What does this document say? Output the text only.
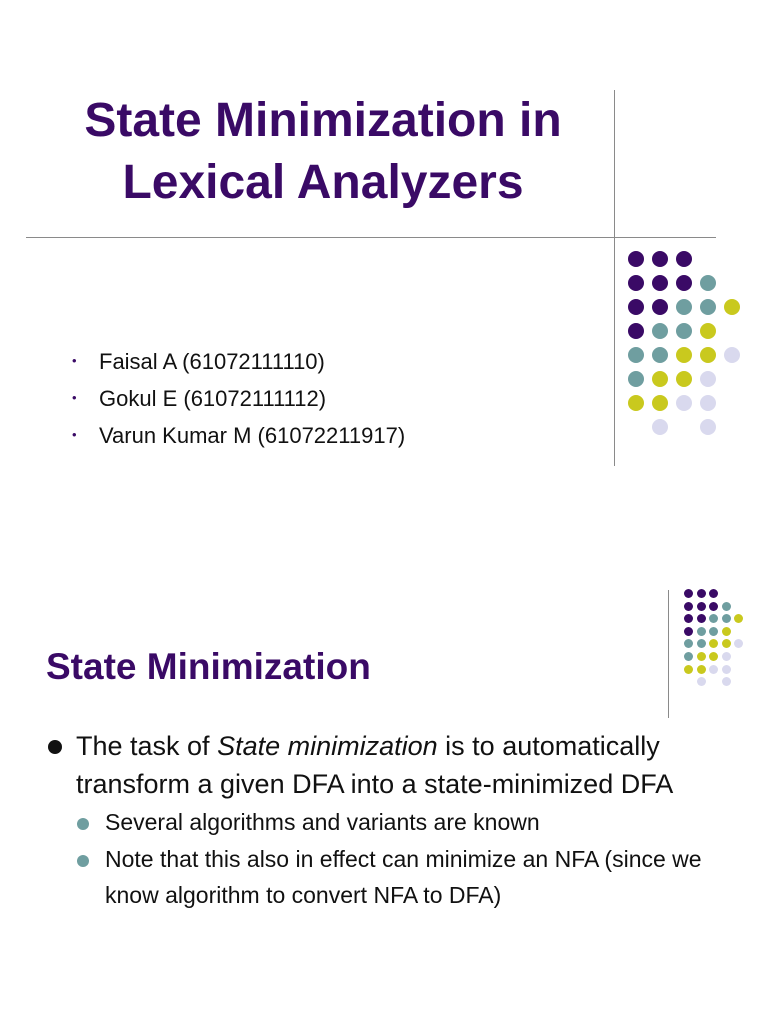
State Minimization in
Lexical Analyzers
• Faisal A (61072111110)
• Gokul E (61072111112)
• Varun Kumar M (61072211917)
State Minimization
The task of State minimization is to automatically transform a given DFA into a state-minimized DFA
Several algorithms and variants are known
Note that this also in effect can minimize an NFA (since we know algorithm to convert NFA to DFA)
